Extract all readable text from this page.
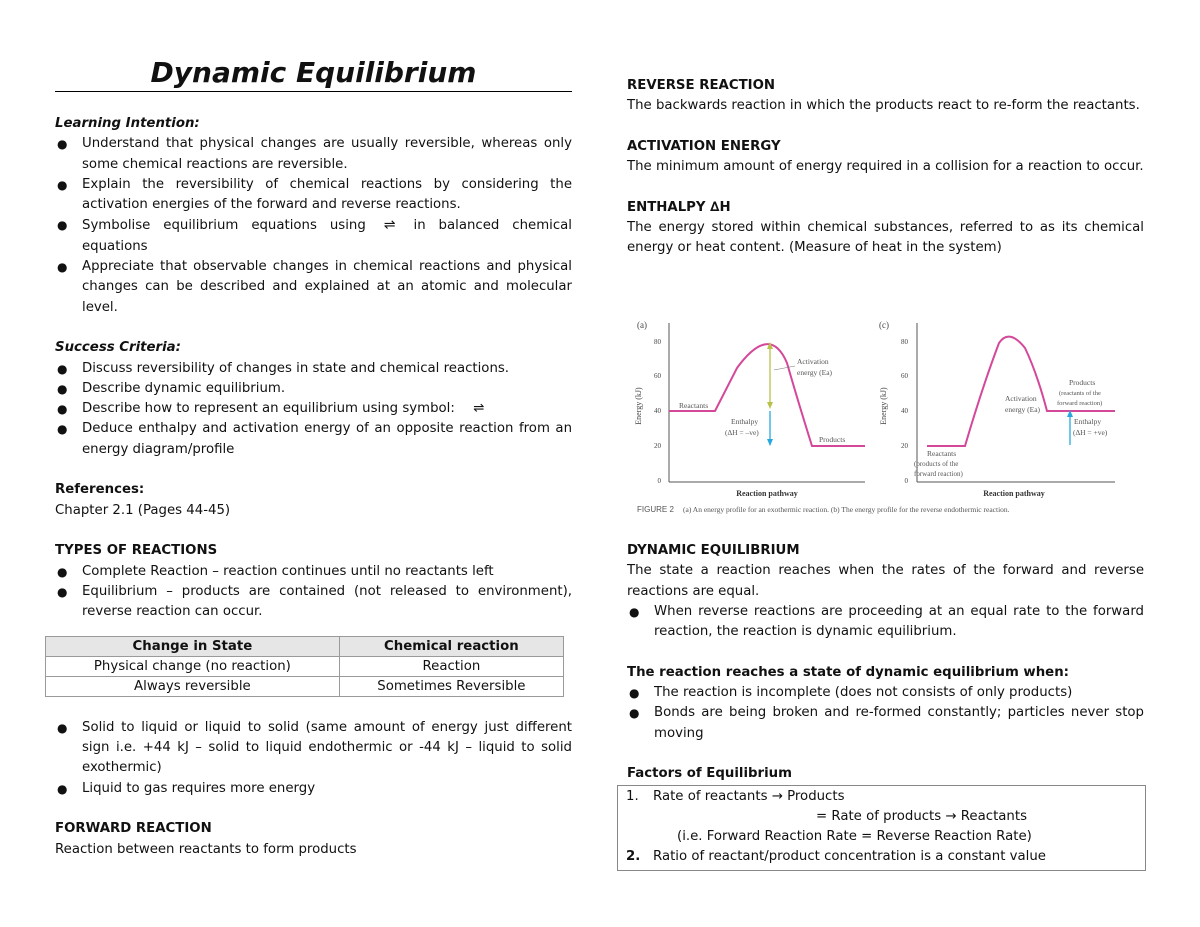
Dynamic Equilibrium
Learning Intention:
● Understand that physical changes are usually reversible, whereas only some chemical reactions are reversible.
● Explain the reversibility of chemical reactions by considering the activation energies of the forward and reverse reactions.
● Symbolise equilibrium equations using ⇌ in balanced chemical equations
● Appreciate that observable changes in chemical reactions and physical changes can be described and explained at an atomic and molecular level.
Success Criteria:
● Discuss reversibility of changes in state and chemical reactions.
● Describe dynamic equilibrium.
● Describe how to represent an equilibrium using symbol: ⇌
● Deduce enthalpy and activation energy of an opposite reaction from an energy diagram/profile
References:
Chapter 2.1 (Pages 44-45)
TYPES OF REACTIONS
● Complete Reaction – reaction continues until no reactants left
● Equilibrium – products are contained (not released to environment), reverse reaction can occur.
Change in State	Chemical reaction
Physical change (no reaction)	Reaction
Always reversible	Sometimes Reversible
● Solid to liquid or liquid to solid (same amount of energy just different sign i.e. +44 kJ – solid to liquid endothermic or -44 kJ – liquid to solid exothermic)
● Liquid to gas requires more energy
FORWARD REACTION
Reaction between reactants to form products
REVERSE REACTION
The backwards reaction in which the products react to re-form the reactants.
ACTIVATION ENERGY
The minimum amount of energy required in a collision for a reaction to occur.
ENTHALPY ∆H
The energy stored within chemical substances, referred to as its chemical energy or heat content. (Measure of heat in the system)
(a)
80
60
40
20
0
Energy (kJ)
Activation
energy (Ea)
Reactants
Products
Enthalpy
(∆H = –ve)
Reaction pathway
(c)
80
60
40
20
0
Energy (kJ)	Activation
energy (Ea)
Products
(reactants of the
forward reaction)
Enthalpy
(∆H = +ve)
Reactants
(products of the
forward reaction)
Reaction pathway
FIGURE 2 (a) An energy profile for an exothermic reaction. (b) The energy profile for the reverse endothermic reaction.
DYNAMIC EQUILIBRIUM
The state a reaction reaches when the rates of the forward and reverse reactions are equal.
● When reverse reactions are proceeding at an equal rate to the forward reaction, the reaction is dynamic equilibrium.
The reaction reaches a state of dynamic equilibrium when:
● The reaction is incomplete (does not consists of only products)
● Bonds are being broken and re-formed constantly; particles never stop moving
Factors of Equilibrium
1. Rate of reactants → Products
= Rate of products → Reactants
(i.e. Forward Reaction Rate = Reverse Reaction Rate)
2. Ratio of reactant/product concentration is a constant value
